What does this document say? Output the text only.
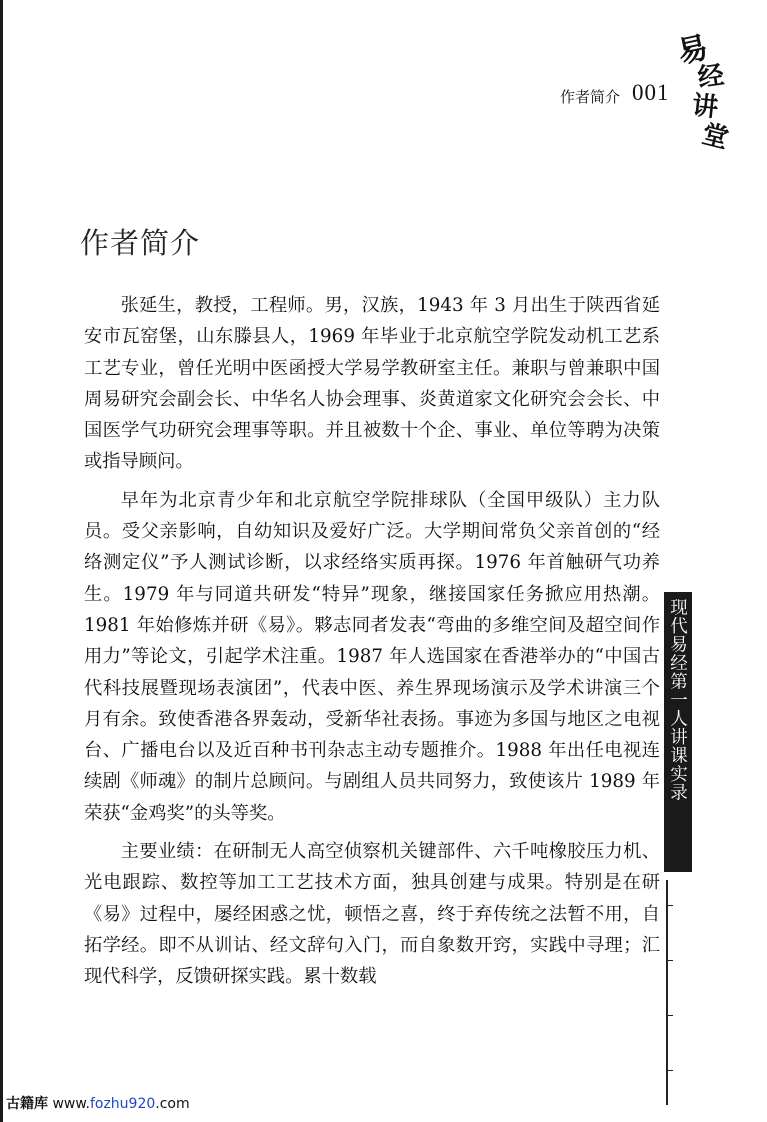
易
经
讲
堂
作者简介 001
作者简介

张延生，教授，工程师。男，汉族，1943 年 3 月出生于陕西省延安市瓦窑堡，山东滕县人，1969 年毕业于北京航空学院发动机工艺系工艺专业，曾任光明中医函授大学易学教研室主任。兼职与曾兼职中国周易研究会副会长、中华名人协会理事、炎黄道家文化研究会会长、中国医学气功研究会理事等职。并且被数十个企、事业、单位等聘为决策或指导顾问。

早年为北京青少年和北京航空学院排球队（全国甲级队）主力队员。受父亲影响，自幼知识及爱好广泛。大学期间常负父亲首创的“经络测定仪”予人测试诊断，以求经络实质再探。1976 年首触研气功养生。1979 年与同道共研发“特异”现象，继接国家任务掀应用热潮。1981 年始修炼并研《易》。夥志同者发表“弯曲的多维空间及超空间作用力”等论文，引起学术注重。1987 年人选国家在香港举办的“中国古代科技展暨现场表演团”，代表中医、养生界现场演示及学术讲演三个月有余。致使香港各界轰动，受新华社表扬。事迹为多国与地区之电视台、广播电台以及近百种书刊杂志主动专题推介。1988 年出任电视连续剧《师魂》的制片总顾问。与剧组人员共同努力，致使该片 1989 年荣获“金鸡奖”的头等奖。

主要业绩：在研制无人高空侦察机关键部件、六千吨橡胶压力机、光电跟踪、数控等加工工艺技术方面，独具创建与成果。特别是在研《易》过程中，屡经困惑之忧，顿悟之喜，终于弃传统之法暂不用，自拓学经。即不从训诂、经文辞句入门，而自象数开窍，实践中寻理；汇现代科学，反馈研探实践。累十数载

现代易经第一人讲课实录
古籍库 www.fozhu920.com
